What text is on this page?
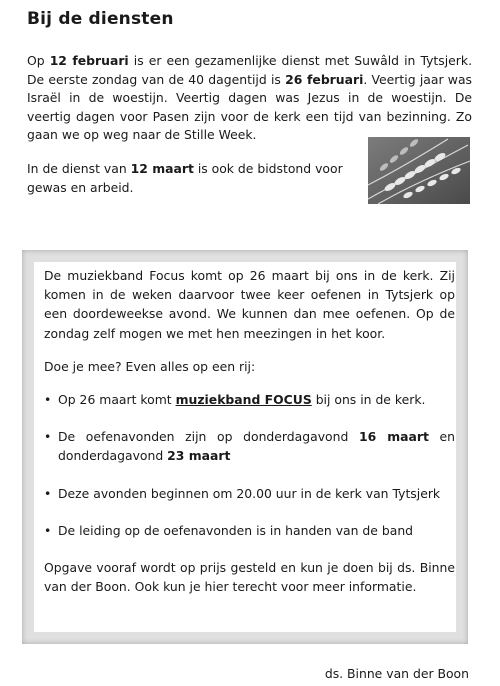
Bij de diensten

Op 12 februari is er een gezamenlijke dienst met Suwâld in Tytsjerk. De eerste zondag van de 40 dagentijd is 26 februari. Veertig jaar was Israël in de woestijn. Veertig dagen was Jezus in de woestijn. De veertig dagen voor Pasen zijn voor de kerk een tijd van bezinning. Zo gaan we op weg naar de Stille Week.

In de dienst van 12 maart is ook de bidstond voor gewas en arbeid.

De muziekband Focus komt op 26 maart bij ons in de kerk. Zij komen in de weken daarvoor twee keer oefenen in Tytsjerk op een doordeweekse avond. We kunnen dan mee oefenen. Op de zondag zelf mogen we met hen meezingen in het koor.

Doe je mee? Even alles op een rij:

• Op 26 maart komt muziekband FOCUS bij ons in de kerk.
• De oefenavonden zijn op donderdagavond 16 maart en donderdagavond 23 maart
• Deze avonden beginnen om 20.00 uur in de kerk van Tytsjerk
• De leiding op de oefenavonden is in handen van de band

Opgave vooraf wordt op prijs gesteld en kun je doen bij ds. Binne van der Boon. Ook kun je hier terecht voor meer informatie.

ds. Binne van der Boon
